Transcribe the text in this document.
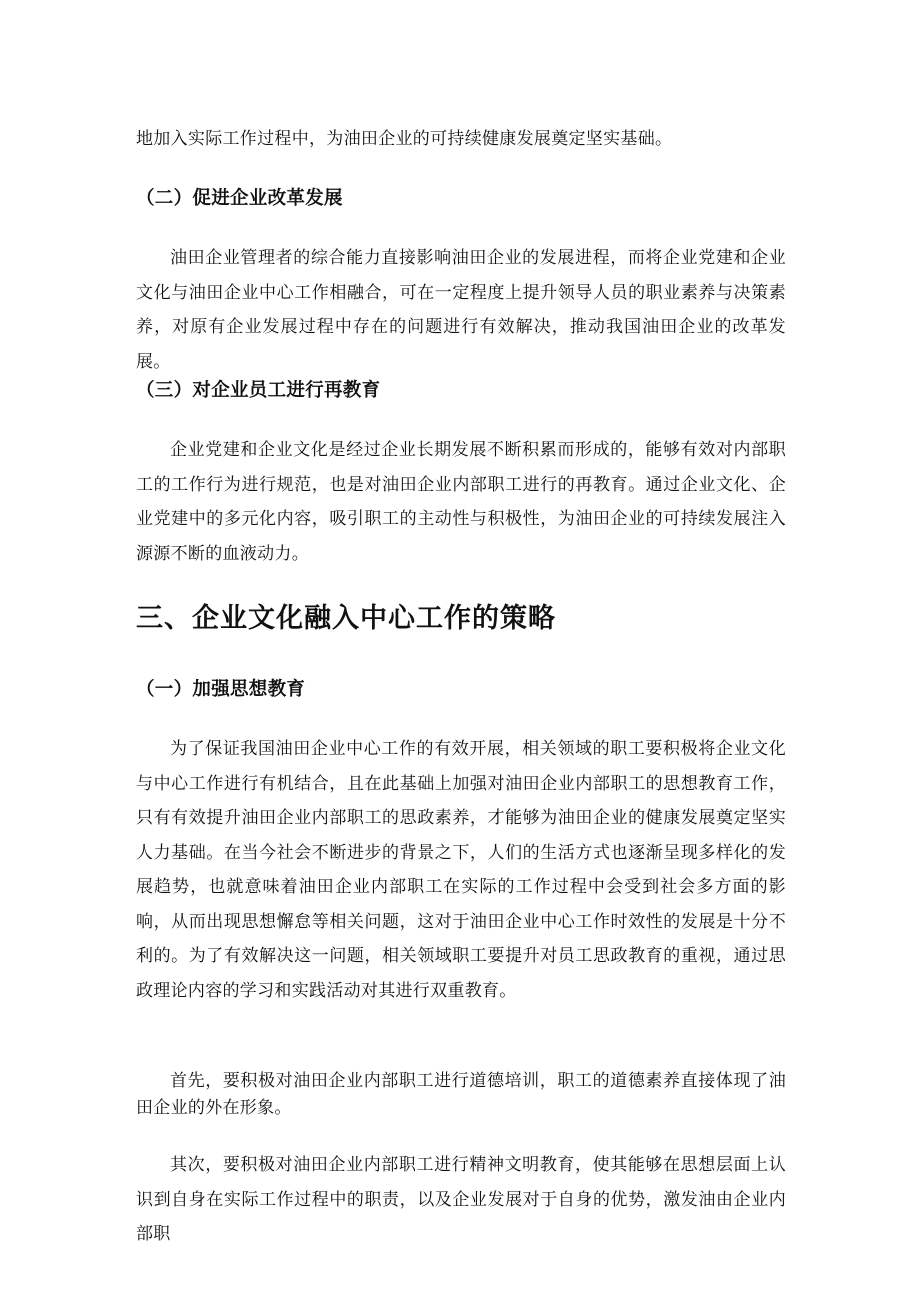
地加入实际工作过程中，为油田企业的可持续健康发展奠定坚实基础。

（二）促进企业改革发展

油田企业管理者的综合能力直接影响油田企业的发展进程，而将企业党建和企业文化与油田企业中心工作相融合，可在一定程度上提升领导人员的职业素养与决策素养，对原有企业发展过程中存在的问题进行有效解决，推动我国油田企业的改革发展。

（三）对企业员工进行再教育

企业党建和企业文化是经过企业长期发展不断积累而形成的，能够有效对内部职工的工作行为进行规范，也是对油田企业内部职工进行的再教育。通过企业文化、企业党建中的多元化内容，吸引职工的主动性与积极性，为油田企业的可持续发展注入源源不断的血液动力。

三、企业文化融入中心工作的策略
（一）加强思想教育

为了保证我国油田企业中心工作的有效开展，相关领域的职工要积极将企业文化与中心工作进行有机结合，且在此基础上加强对油田企业内部职工的思想教育工作，只有有效提升油田企业内部职工的思政素养，才能够为油田企业的健康发展奠定坚实人力基础。在当今社会不断进步的背景之下，人们的生活方式也逐渐呈现多样化的发展趋势，也就意味着油田企业内部职工在实际的工作过程中会受到社会多方面的影响，从而出现思想懈怠等相关问题，这对于油田企业中心工作时效性的发展是十分不利的。为了有效解决这一问题，相关领域职工要提升对员工思政教育的重视，通过思政理论内容的学习和实践活动对其进行双重教育。

首先，要积极对油田企业内部职工进行道德培训，职工的道德素养直接体现了油田企业的外在形象。

其次，要积极对油田企业内部职工进行精神文明教育，使其能够在思想层面上认识到自身在实际工作过程中的职责，以及企业发展对于自身的优势，激发油由企业内部职
